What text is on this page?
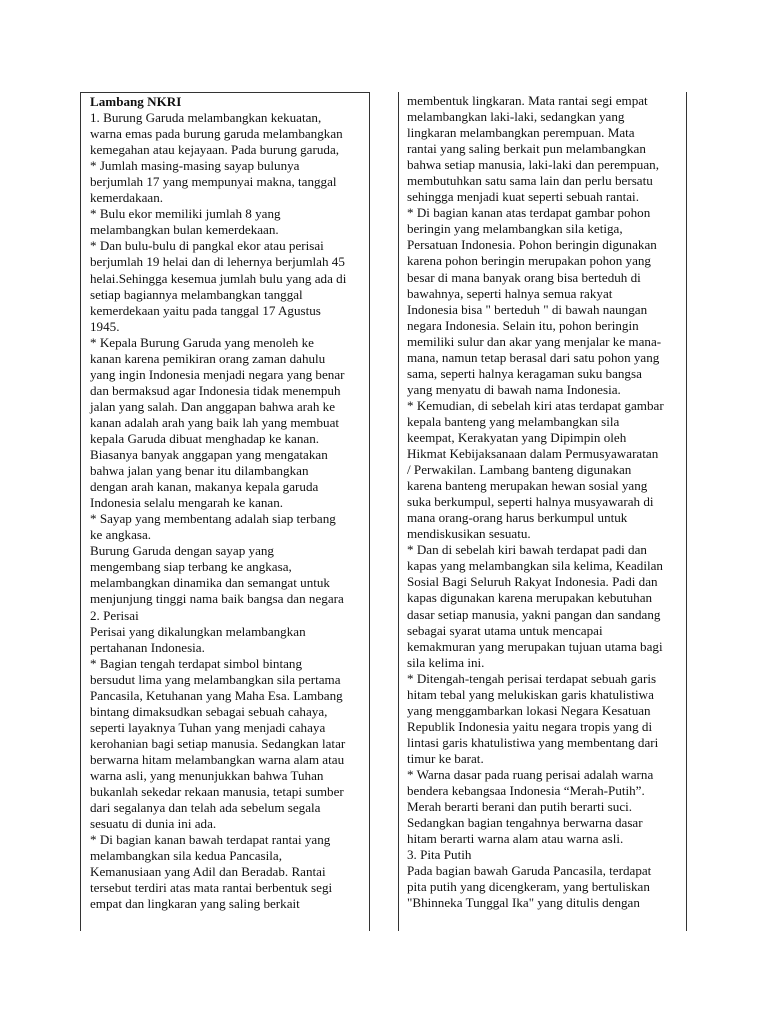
Lambang NKRI
1. Burung Garuda melambangkan kekuatan,
warna emas pada burung garuda melambangkan
kemegahan atau kejayaan. Pada burung garuda,
* Jumlah masing-masing sayap bulunya
berjumlah 17 yang mempunyai makna, tanggal
kemerdakaan.
* Bulu ekor memiliki jumlah 8 yang
melambangkan bulan kemerdekaan.
* Dan bulu-bulu di pangkal ekor atau perisai
berjumlah 19 helai dan di lehernya berjumlah 45
helai.Sehingga kesemua jumlah bulu yang ada di
setiap bagiannya melambangkan tanggal
kemerdekaan yaitu pada tanggal 17 Agustus
1945.
* Kepala Burung Garuda yang menoleh ke
kanan karena pemikiran orang zaman dahulu
yang ingin Indonesia menjadi negara yang benar
dan bermaksud agar Indonesia tidak menempuh
jalan yang salah. Dan anggapan bahwa arah ke
kanan adalah arah yang baik lah yang membuat
kepala Garuda dibuat menghadap ke kanan.
Biasanya banyak anggapan yang mengatakan
bahwa jalan yang benar itu dilambangkan
dengan arah kanan, makanya kepala garuda
Indonesia selalu mengarah ke kanan.
* Sayap yang membentang adalah siap terbang
ke angkasa.
Burung Garuda dengan sayap yang
mengembang siap terbang ke angkasa,
melambangkan dinamika dan semangat untuk
menjunjung tinggi nama baik bangsa dan negara
2. Perisai
Perisai yang dikalungkan melambangkan
pertahanan Indonesia.
* Bagian tengah terdapat simbol bintang
bersudut lima yang melambangkan sila pertama
Pancasila, Ketuhanan yang Maha Esa. Lambang
bintang dimaksudkan sebagai sebuah cahaya,
seperti layaknya Tuhan yang menjadi cahaya
kerohanian bagi setiap manusia. Sedangkan latar
berwarna hitam melambangkan warna alam atau
warna asli, yang menunjukkan bahwa Tuhan
bukanlah sekedar rekaan manusia, tetapi sumber
dari segalanya dan telah ada sebelum segala
sesuatu di dunia ini ada.
* Di bagian kanan bawah terdapat rantai yang
melambangkan sila kedua Pancasila,
Kemanusiaan yang Adil dan Beradab. Rantai
tersebut terdiri atas mata rantai berbentuk segi
empat dan lingkaran yang saling berkait
membentuk lingkaran. Mata rantai segi empat
melambangkan laki-laki, sedangkan yang
lingkaran melambangkan perempuan. Mata
rantai yang saling berkait pun melambangkan
bahwa setiap manusia, laki-laki dan perempuan,
membutuhkan satu sama lain dan perlu bersatu
sehingga menjadi kuat seperti sebuah rantai.
* Di bagian kanan atas terdapat gambar pohon
beringin yang melambangkan sila ketiga,
Persatuan Indonesia. Pohon beringin digunakan
karena pohon beringin merupakan pohon yang
besar di mana banyak orang bisa berteduh di
bawahnya, seperti halnya semua rakyat
Indonesia bisa " berteduh " di bawah naungan
negara Indonesia. Selain itu, pohon beringin
memiliki sulur dan akar yang menjalar ke mana-
mana, namun tetap berasal dari satu pohon yang
sama, seperti halnya keragaman suku bangsa
yang menyatu di bawah nama Indonesia.
* Kemudian, di sebelah kiri atas terdapat gambar
kepala banteng yang melambangkan sila
keempat, Kerakyatan yang Dipimpin oleh
Hikmat Kebijaksanaan dalam Permusyawaratan
/ Perwakilan. Lambang banteng digunakan
karena banteng merupakan hewan sosial yang
suka berkumpul, seperti halnya musyawarah di
mana orang-orang harus berkumpul untuk
mendiskusikan sesuatu.
* Dan di sebelah kiri bawah terdapat padi dan
kapas yang melambangkan sila kelima, Keadilan
Sosial Bagi Seluruh Rakyat Indonesia. Padi dan
kapas digunakan karena merupakan kebutuhan
dasar setiap manusia, yakni pangan dan sandang
sebagai syarat utama untuk mencapai
kemakmuran yang merupakan tujuan utama bagi
sila kelima ini.
* Ditengah-tengah perisai terdapat sebuah garis
hitam tebal yang melukiskan garis khatulistiwa
yang menggambarkan lokasi Negara Kesatuan
Republik Indonesia yaitu negara tropis yang di
lintasi garis khatulistiwa yang membentang dari
timur ke barat.
* Warna dasar pada ruang perisai adalah warna
bendera kebangsaa Indonesia “Merah-Putih”.
Merah berarti berani dan putih berarti suci.
Sedangkan bagian tengahnya berwarna dasar
hitam berarti warna alam atau warna asli.
3. Pita Putih
Pada bagian bawah Garuda Pancasila, terdapat
pita putih yang dicengkeram, yang bertuliskan
"Bhinneka Tunggal Ika" yang ditulis dengan
